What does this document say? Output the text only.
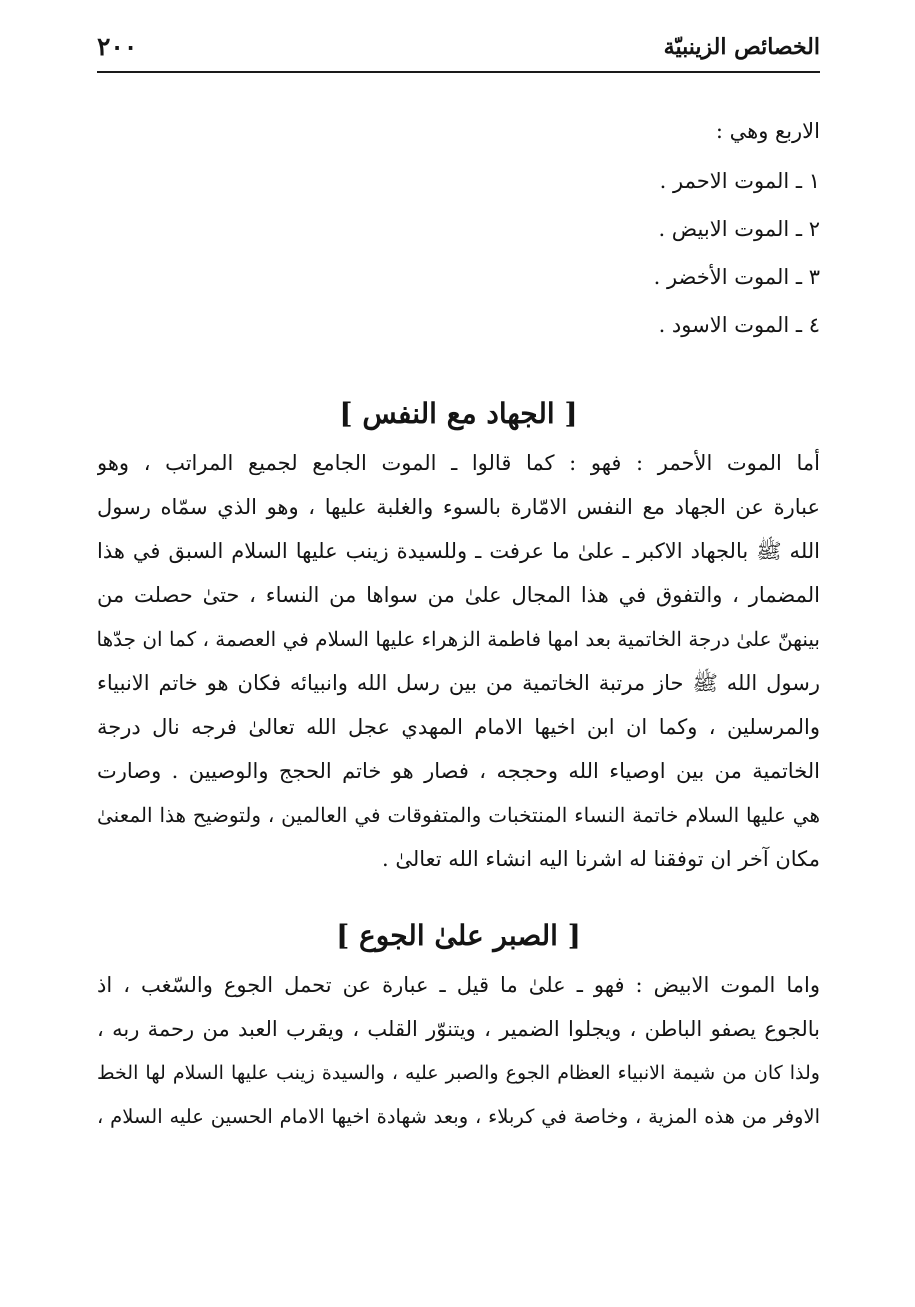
الخصائص الزينبيّة
٢٠٠
الاربع وهي :
١ ـ الموت الاحمر .
٢ ـ الموت الابيض .
٣ ـ الموت الأخضر .
٤ ـ الموت الاسود .
[ الجهاد مع النفس ]
أما الموت الأحمر : فهو : كما قالوا ـ الموت الجامع لجميع المراتب ، وهو
عبارة عن الجهاد مع النفس الامّارة بالسوء والغلبة عليها ، وهو الذي سمّاه رسول
الله ﷺ بالجهاد الاكبر ـ علىٰ ما عرفت ـ وللسيدة زينب عليها السلام السبق في هذا
المضمار ، والتفوق في هذا المجال علىٰ من سواها من النساء ، حتىٰ حصلت من
بينهنّ علىٰ درجة الخاتمية بعد امها فاطمة الزهراء عليها السلام في العصمة ، كما ان جدّها
رسول الله ﷺ حاز مرتبة الخاتمية من بين رسل الله وانبيائه فكان هو خاتم الانبياء
والمرسلين ، وكما ان ابن اخيها الامام المهدي عجل الله تعالىٰ فرجه نال درجة
الخاتمية من بين اوصياء الله وحججه ، فصار هو خاتم الحجج والوصيين . وصارت
هي عليها السلام خاتمة النساء المنتخبات والمتفوقات في العالمين ، ولتوضيح هذا المعنىٰ
مكان آخر ان توفقنا له اشرنا اليه انشاء الله تعالىٰ .
[ الصبر علىٰ الجوع ]
واما الموت الابيض : فهو ـ علىٰ ما قيل ـ عبارة عن تحمل الجوع والسّغب ، اذ
بالجوع يصفو الباطن ، ويجلوا الضمير ، ويتنوّر القلب ، ويقرب العبد من رحمة ربه ،
ولذا كان من شيمة الانبياء العظام الجوع والصبر عليه ، والسيدة زينب عليها السلام لها الخط
الاوفر من هذه المزية ، وخاصة في كربلاء ، وبعد شهادة اخيها الامام الحسين عليه السلام ،
